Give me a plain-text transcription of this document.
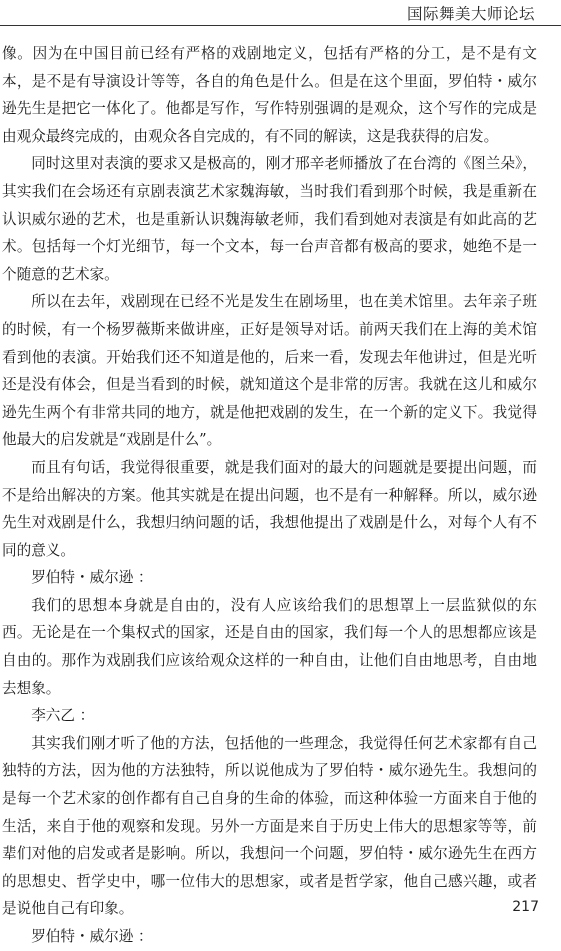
国际舞美大师论坛

像。因为在中国目前已经有严格的戏剧地定义，包括有严格的分工，是不是有文本，是不是有导演设计等等，各自的角色是什么。但是在这个里面，罗伯特・威尔逊先生是把它一体化了。他都是写作，写作特别强调的是观众，这个写作的完成是由观众最终完成的，由观众各自完成的，有不同的解读，这是我获得的启发。

同时这里对表演的要求又是极高的，刚才邢辛老师播放了在台湾的《图兰朵》，其实我们在会场还有京剧表演艺术家魏海敏，当时我们看到那个时候，我是重新在认识威尔逊的艺术，也是重新认识魏海敏老师，我们看到她对表演是有如此高的艺术。包括每一个灯光细节，每一个文本，每一台声音都有极高的要求，她绝不是一个随意的艺术家。

所以在去年，戏剧现在已经不光是发生在剧场里，也在美术馆里。去年亲子班的时候，有一个杨罗薇斯来做讲座，正好是领导对话。前两天我们在上海的美术馆看到他的表演。开始我们还不知道是他的，后来一看，发现去年他讲过，但是光听还是没有体会，但是当看到的时候，就知道这个是非常的厉害。我就在这儿和威尔逊先生两个有非常共同的地方，就是他把戏剧的发生，在一个新的定义下。我觉得他最大的启发就是“戏剧是什么”。

而且有句话，我觉得很重要，就是我们面对的最大的问题就是要提出问题，而不是给出解决的方案。他其实就是在提出问题，也不是有一种解释。所以，威尔逊先生对戏剧是什么，我想归纳问题的话，我想他提出了戏剧是什么，对每个人有不同的意义。

罗伯特・威尔逊 ：

我们的思想本身就是自由的，没有人应该给我们的思想罩上一层监狱似的东西。无论是在一个集权式的国家，还是自由的国家，我们每一个人的思想都应该是自由的。那作为戏剧我们应该给观众这样的一种自由，让他们自由地思考，自由地去想象。

李六乙 ：

其实我们刚才听了他的方法，包括他的一些理念，我觉得任何艺术家都有自己独特的方法，因为他的方法独特，所以说他成为了罗伯特・威尔逊先生。我想问的是每一个艺术家的创作都有自己自身的生命的体验，而这种体验一方面来自于他的生活，来自于他的观察和发现。另外一方面是来自于历史上伟大的思想家等等，前辈们对他的启发或者是影响。所以，我想问一个问题，罗伯特・威尔逊先生在西方的思想史、哲学史中，哪一位伟大的思想家，或者是哲学家，他自己感兴趣，或者是说他自己有印象。

罗伯特・威尔逊 ：

217
